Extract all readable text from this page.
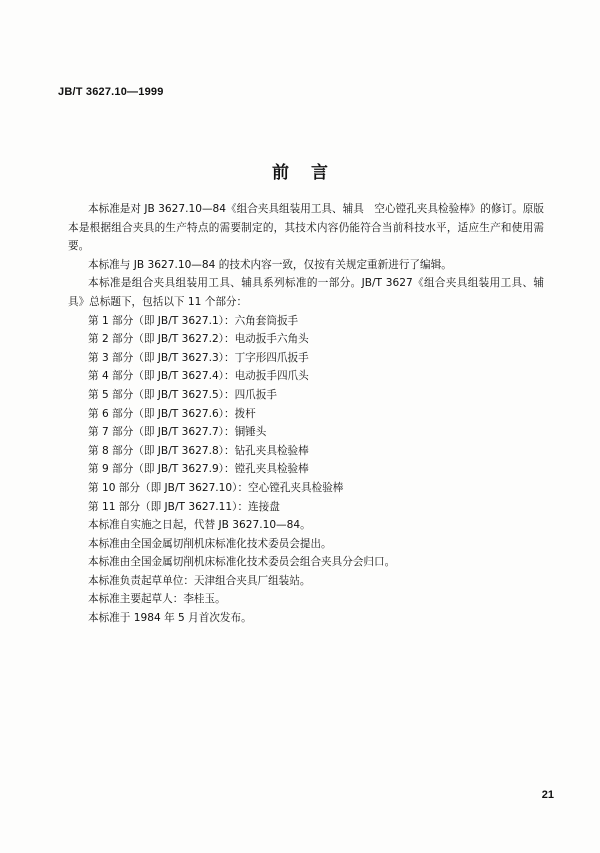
JB/T 3627.10—1999
前言

本标准是对 JB 3627.10—84《组合夹具组装用工具、辅具　空心镗孔夹具检验棒》的修订。原版本是根据组合夹具的生产特点的需要制定的，其技术内容仍能符合当前科技水平，适应生产和使用需要。

本标准与 JB 3627.10—84 的技术内容一致，仅按有关规定重新进行了编辑。

本标准是组合夹具组装用工具、辅具系列标准的一部分。JB/T 3627《组合夹具组装用工具、辅具》总标题下，包括以下 11 个部分：

第 1 部分（即 JB/T 3627.1）：六角套筒扳手
第 2 部分（即 JB/T 3627.2）：电动扳手六角头
第 3 部分（即 JB/T 3627.3）：丁字形四爪扳手
第 4 部分（即 JB/T 3627.4）：电动扳手四爪头
第 5 部分（即 JB/T 3627.5）：四爪扳手
第 6 部分（即 JB/T 3627.6）：拨杆
第 7 部分（即 JB/T 3627.7）：铜锤头
第 8 部分（即 JB/T 3627.8）：钻孔夹具检验棒
第 9 部分（即 JB/T 3627.9）：镗孔夹具检验棒
第 10 部分（即 JB/T 3627.10）：空心镗孔夹具检验棒
第 11 部分（即 JB/T 3627.11）：连接盘

本标准自实施之日起，代替 JB 3627.10—84。

本标准由全国金属切削机床标准化技术委员会提出。

本标准由全国金属切削机床标准化技术委员会组合夹具分会归口。

本标准负责起草单位：天津组合夹具厂组装站。

本标准主要起草人：李桂玉。

本标准于 1984 年 5 月首次发布。

21
